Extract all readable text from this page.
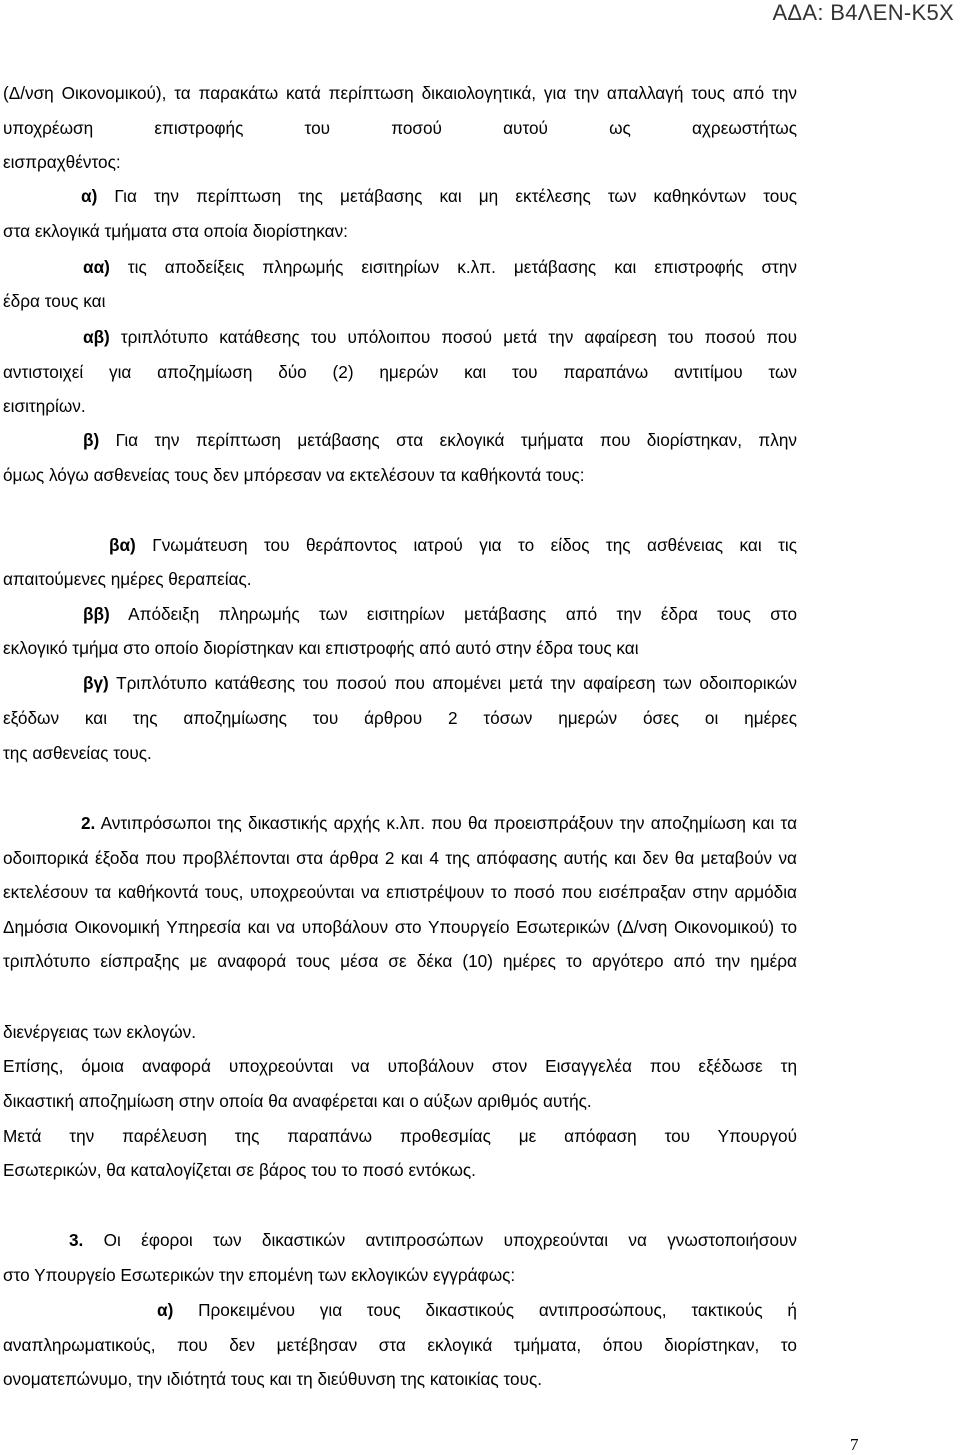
ΑΔΑ: Β4ΛΕΝ-Κ5Χ

(Δ/νση Οικονομικού), τα παρακάτω κατά περίπτωση δικαιολογητικά, για την απαλλαγή τους από την υποχρέωση επιστροφής του ποσού αυτού ως αχρεωστήτως

εισπραχθέντος:

α) Για την περίπτωση της μετάβασης και μη εκτέλεσης των καθηκόντων τους

στα εκλογικά τμήματα στα οποία διορίστηκαν:

αα) τις αποδείξεις πληρωμής εισιτηρίων κ.λπ. μετάβασης και επιστροφής στην

έδρα τους και

αβ) τριπλότυπο κατάθεσης του υπόλοιπου ποσού μετά την αφαίρεση του ποσού που αντιστοιχεί για αποζημίωση δύο (2) ημερών και του παραπάνω αντιτίμου των

εισιτηρίων.

β) Για την περίπτωση μετάβασης στα εκλογικά τμήματα που διορίστηκαν, πλην

όμως λόγω ασθενείας τους δεν μπόρεσαν να εκτελέσουν τα καθήκοντά τους:

βα) Γνωμάτευση του θεράποντος ιατρού για το είδος της ασθένειας και τις

απαιτούμενες ημέρες θεραπείας.

ββ) Απόδειξη πληρωμής των εισιτηρίων μετάβασης από την έδρα τους στο

εκλογικό τμήμα στο οποίο διορίστηκαν και επιστροφής από αυτό στην έδρα τους και

βγ) Τριπλότυπο κατάθεσης του ποσού που απομένει μετά την αφαίρεση των οδοιπορικών εξόδων και της αποζημίωσης του άρθρου 2 τόσων ημερών όσες οι ημέρες

της ασθενείας τους.

2. Αντιπρόσωποι της δικαστικής αρχής κ.λπ. που θα προεισπράξουν την αποζημίωση και τα οδοιπορικά έξοδα που προβλέπονται στα άρθρα 2 και 4 της απόφασης αυτής και δεν θα μεταβούν να εκτελέσουν τα καθήκοντά τους, υποχρεούνται να επιστρέψουν το ποσό που εισέπραξαν στην αρμόδια Δημόσια Οικονομική Υπηρεσία και να υποβάλουν στο Υπουργείο Εσωτερικών (Δ/νση Οικονομικού) το τριπλότυπο είσπραξης με αναφορά τους μέσα σε δέκα (10) ημέρες το αργότερο από την ημέρα

διενέργειας των εκλογών.

Επίσης, όμοια αναφορά υποχρεούνται να υποβάλουν στον Εισαγγελέα που εξέδωσε τη

δικαστική αποζημίωση στην οποία θα αναφέρεται και ο αύξων αριθμός αυτής.

Μετά την παρέλευση της παραπάνω προθεσμίας με απόφαση του Υπουργού

Εσωτερικών, θα καταλογίζεται σε βάρος του το ποσό εντόκως.

3. Οι έφοροι των δικαστικών αντιπροσώπων υποχρεούνται να γνωστοποιήσουν

στο Υπουργείο Εσωτερικών την επομένη των εκλογικών εγγράφως:

α) Προκειμένου για τους δικαστικούς αντιπροσώπους, τακτικούς ή αναπληρωματικούς, που δεν μετέβησαν στα εκλογικά τμήματα, όπου διορίστηκαν, το

ονοματεπώνυμο, την ιδιότητά τους και τη διεύθυνση της κατοικίας τους.

7
